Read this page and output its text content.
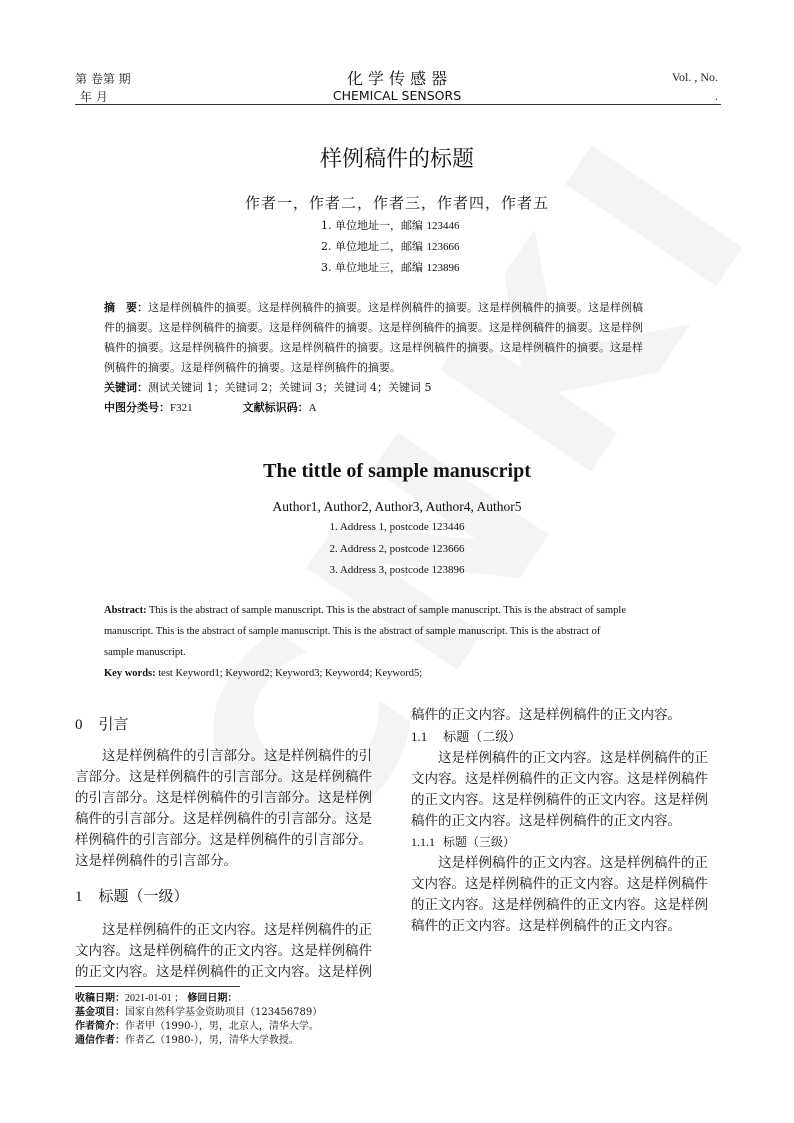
第 卷第 期
年 月
化 学 传 感 器
CHEMICAL SENSORS
Vol. , No.
.
样例稿件的标题
作者一，作者二，作者三，作者四，作者五
1. 单位地址一，邮编 123446
2. 单位地址二，邮编 123666
3. 单位地址三，邮编 123896
摘　要：这是样例稿件的摘要。这是样例稿件的摘要。这是样例稿件的摘要。这是样例稿件的摘要。这是样例稿
件的摘要。这是样例稿件的摘要。这是样例稿件的摘要。这是样例稿件的摘要。这是样例稿件的摘要。这是样例
稿件的摘要。这是样例稿件的摘要。这是样例稿件的摘要。这是样例稿件的摘要。这是样例稿件的摘要。这是样
例稿件的摘要。这是样例稿件的摘要。这是样例稿件的摘要。
关键词：测试关键词 1；关键词 2；关键词 3；关键词 4；关键词 5
中图分类号：F321	文献标识码：A
The tittle of sample manuscript
Author1, Author2, Author3, Author4, Author5
1. Address 1, postcode 123446
2. Address 2, postcode 123666
3. Address 3, postcode 123896
Abstract: This is the abstract of sample manuscript. This is the abstract of sample manuscript. This is the abstract of sample
manuscript. This is the abstract of sample manuscript. This is the abstract of sample manuscript. This is the abstract of
sample manuscript.
Key words: test Keyword1; Keyword2; Keyword3; Keyword4; Keyword5;
0 引言

这是样例稿件的引言部分。这是样例稿件的引

言部分。这是样例稿件的引言部分。这是样例稿件

的引言部分。这是样例稿件的引言部分。这是样例

稿件的引言部分。这是样例稿件的引言部分。这是

样例稿件的引言部分。这是样例稿件的引言部分。

这是样例稿件的引言部分。

1 标题（一级）

这是样例稿件的正文内容。这是样例稿件的正

文内容。这是样例稿件的正文内容。这是样例稿件

的正文内容。这是样例稿件的正文内容。这是样例

稿件的正文内容。这是样例稿件的正文内容。

1.1 标题（二级）

这是样例稿件的正文内容。这是样例稿件的正

文内容。这是样例稿件的正文内容。这是样例稿件

的正文内容。这是样例稿件的正文内容。这是样例

稿件的正文内容。这是样例稿件的正文内容。

1.1.1 标题（三级）

这是样例稿件的正文内容。这是样例稿件的正

文内容。这是样例稿件的正文内容。这是样例稿件

的正文内容。这是样例稿件的正文内容。这是样例

稿件的正文内容。这是样例稿件的正文内容。

收稿日期：2021-01-01 ； 修回日期：
基金项目：国家自然科学基金资助项目（123456789）
作者简介：作者甲（1990-），男，北京人，清华大学。
通信作者：作者乙（1980-），男，清华大学教授。
